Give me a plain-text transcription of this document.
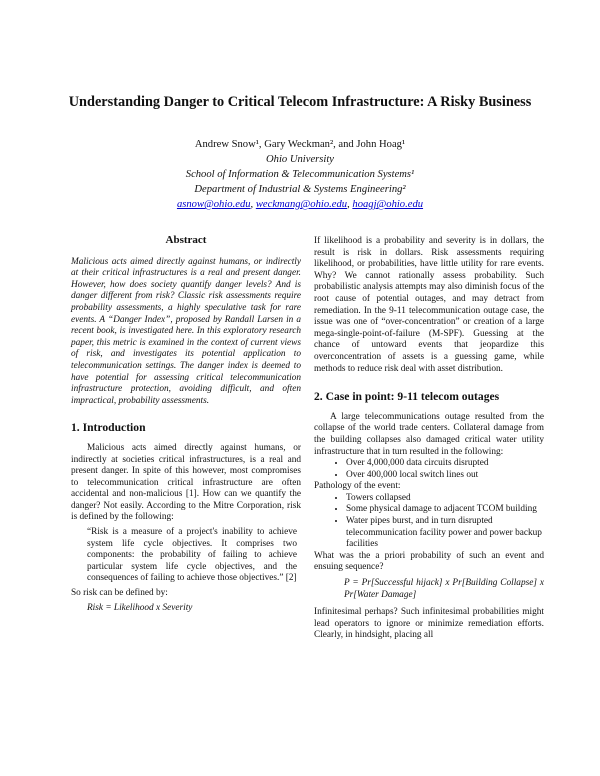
Understanding Danger to Critical Telecom Infrastructure: A Risky Business
Andrew Snow¹, Gary Weckman², and John Hoag¹
Ohio University
School of Information & Telecommunication Systems¹
Department of Industrial & Systems Engineering²
asnow@ohio.edu, weckmang@ohio.edu, hoagj@ohio.edu
Abstract

Malicious acts aimed directly against humans, or indirectly at their critical infrastructures is a real and present danger. However, how does society quantify danger levels? And is danger different from risk? Classic risk assessments require probability assessments, a highly speculative task for rare events. A “Danger Index”, proposed by Randall Larsen in a recent book, is investigated here. In this exploratory research paper, this metric is examined in the context of current views of risk, and investigates its potential application to telecommunication settings. The danger index is deemed to have potential for assessing critical telecommunication infrastructure protection, avoiding difficult, and often impractical, probability assessments.

1. Introduction

Malicious acts aimed directly against humans, or indirectly at societies critical infrastructures, is a real and present danger. In spite of this however, most compromises to telecommunication critical infrastructure are often accidental and non-malicious [1]. How can we quantify the danger? Not easily. According to the Mitre Corporation, risk is defined by the following:

“Risk is a measure of a project's inability to achieve system life cycle objectives. It comprises two components: the probability of failing to achieve particular system life cycle objectives, and the consequences of failing to achieve those objectives.” [2]

So risk can be defined by:

Risk = Likelihood x Severity

If likelihood is a probability and severity is in dollars, the result is risk in dollars. Risk assessments requiring likelihood, or probabilities, have little utility for rare events. Why? We cannot rationally assess probability. Such probabilistic analysis attempts may also diminish focus of the root cause of potential outages, and may detract from remediation. In the 9-11 telecommunication outage case, the issue was one of “over-concentration” or creation of a large mega-single-point-of-failure (M-SPF). Guessing at the chance of untoward events that jeopardize this overconcentration of assets is a guessing game, while methods to reduce risk deal with asset distribution.

2. Case in point: 9-11 telecom outages

A large telecommunications outage resulted from the collapse of the world trade centers. Collateral damage from the building collapses also damaged critical water utility infrastructure that in turn resulted in the following:

• Over 4,000,000 data circuits disrupted
• Over 400,000 local switch lines out

Pathology of the event:

• Towers collapsed
• Some physical damage to adjacent TCOM building
• Water pipes burst, and in turn disrupted telecommunication facility power and power backup facilities

What was the a priori probability of such an event and ensuing sequence?

P = Pr[Successful hijack] x Pr[Building Collapse] x Pr[Water Damage]

Infinitesimal perhaps? Such infinitesimal probabilities might lead operators to ignore or minimize remediation efforts. Clearly, in hindsight, placing all
